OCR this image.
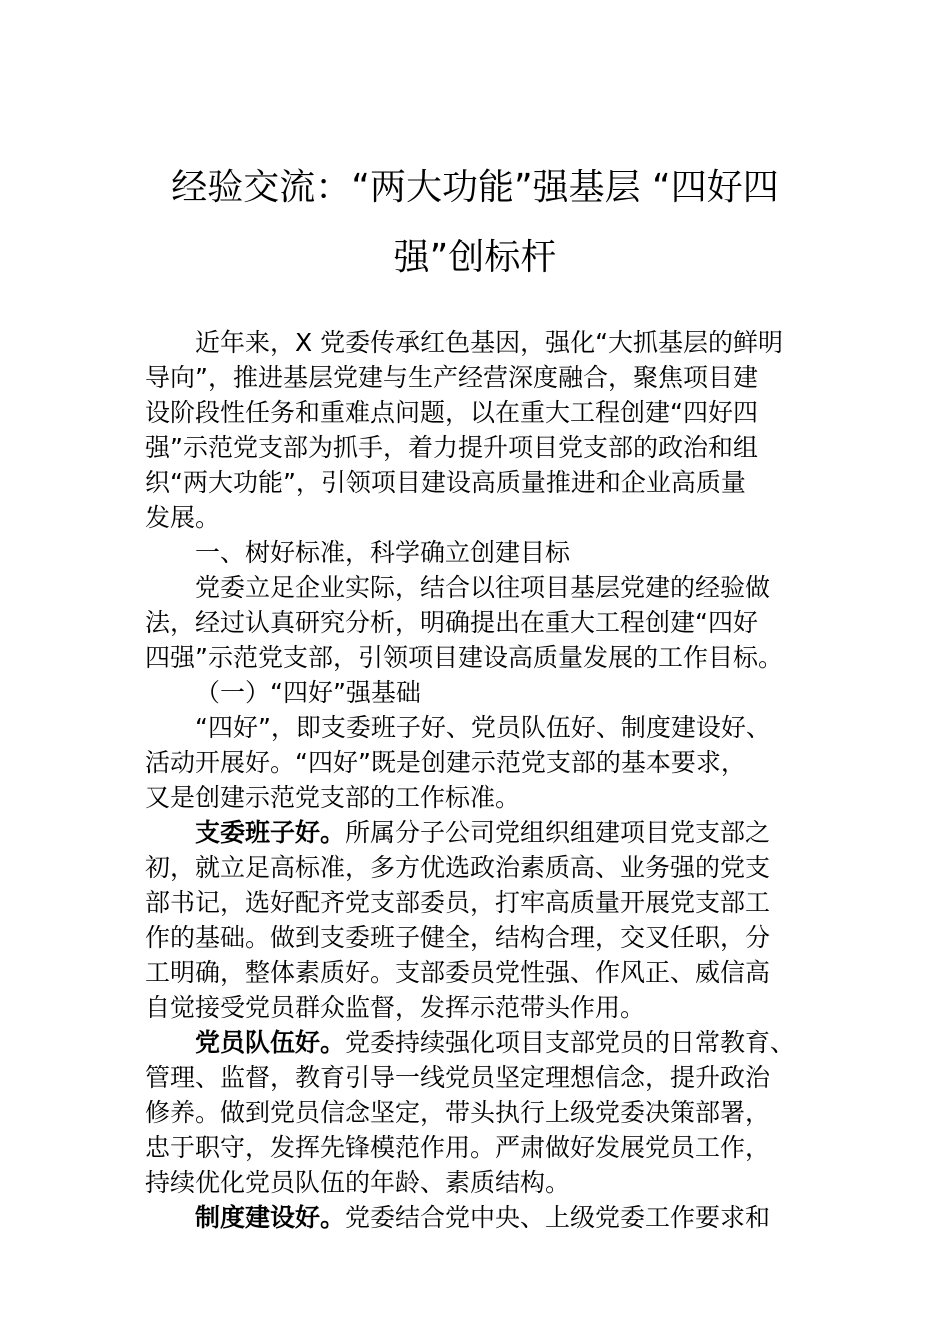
经验交流：“两大功能”强基层 “四好四
强”创标杆
近年来，X 党委传承红色基因，强化“大抓基层的鲜明
导向”，推进基层党建与生产经营深度融合，聚焦项目建
设阶段性任务和重难点问题，以在重大工程创建“四好四
强”示范党支部为抓手，着力提升项目党支部的政治和组
织“两大功能”，引领项目建设高质量推进和企业高质量
发展。
一、树好标准，科学确立创建目标
党委立足企业实际，结合以往项目基层党建的经验做
法，经过认真研究分析，明确提出在重大工程创建“四好
四强”示范党支部，引领项目建设高质量发展的工作目标。
（一）“四好”强基础
“四好”，即支委班子好、党员队伍好、制度建设好、
活动开展好。“四好”既是创建示范党支部的基本要求，
又是创建示范党支部的工作标准。
支委班子好。所属分子公司党组织组建项目党支部之
初，就立足高标准，多方优选政治素质高、业务强的党支
部书记，选好配齐党支部委员，打牢高质量开展党支部工
作的基础。做到支委班子健全，结构合理，交叉任职，分
工明确，整体素质好。支部委员党性强、作风正、威信高
自觉接受党员群众监督，发挥示范带头作用。
党员队伍好。党委持续强化项目支部党员的日常教育、
管理、监督，教育引导一线党员坚定理想信念，提升政治
修养。做到党员信念坚定，带头执行上级党委决策部署，
忠于职守，发挥先锋模范作用。严肃做好发展党员工作，
持续优化党员队伍的年龄、素质结构。
制度建设好。党委结合党中央、上级党委工作要求和
